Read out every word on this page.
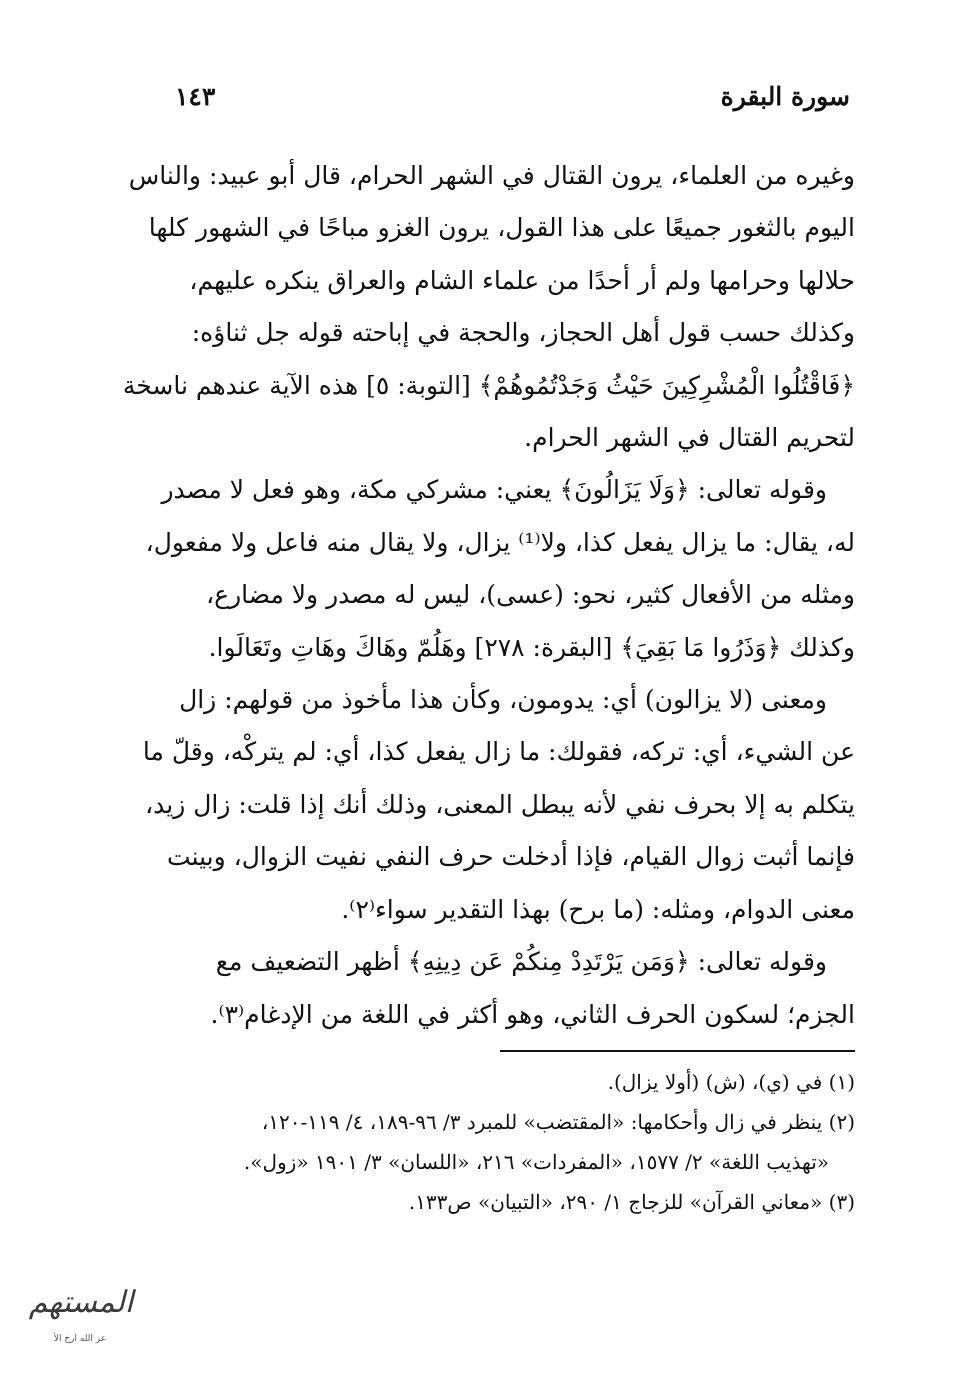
سورة البقرة
١٤٣
وغيره من العلماء، يرون القتال في الشهر الحرام، قال أبو عبيد: والناس
اليوم بالثغور جميعًا على هذا القول، يرون الغزو مباحًا في الشهور كلها
حلالها وحرامها ولم أر أحدًا من علماء الشام والعراق ينكره عليهم،
وكذلك حسب قول أهل الحجاز، والحجة في إباحته قوله جل ثناؤه:
﴿فَاقْتُلُوا الْمُشْرِكِينَ حَيْثُ وَجَدْتُمُوهُمْ﴾ [التوبة: ٥] هذه الآية عندهم ناسخة
لتحريم القتال في الشهر الحرام.
وقوله تعالى: ﴿وَلَا يَزَالُونَ﴾ يعني: مشركي مكة، وهو فعل لا مصدر
له، يقال: ما يزال يفعل كذا، ولا⁽¹⁾ يزال، ولا يقال منه فاعل ولا مفعول،
ومثله من الأفعال كثير، نحو: (عسى)، ليس له مصدر ولا مضارع،
وكذلك ﴿وَذَرُوا مَا بَقِيَ﴾ [البقرة: ٢٧٨] وهَلُمّ وهَاكَ وهَاتِ وتَعَالَوا.
ومعنى (لا يزالون) أي: يدومون، وكأن هذا مأخوذ من قولهم: زال
عن الشيء، أي: تركه، فقولك: ما زال يفعل كذا، أي: لم يتركْه، وقلّ ما
يتكلم به إلا بحرف نفي لأنه يبطل المعنى، وذلك أنك إذا قلت: زال زيد،
فإنما أثبت زوال القيام، فإذا أدخلت حرف النفي نفيت الزوال، وبينت
معنى الدوام، ومثله: (ما برح) بهذا التقدير سواء⁽٢⁾.
وقوله تعالى: ﴿وَمَن يَرْتَدِدْ مِنكُمْ عَن دِينِهِ﴾ أظهر التضعيف مع
الجزم؛ لسكون الحرف الثاني، وهو أكثر في اللغة من الإدغام⁽٣⁾.
(١) في (ي)، (ش) (أولا يزال).
(٢) ينظر في زال وأحكامها: «المقتضب» للمبرد ٣/ ٩٦-١٨٩، ٤/ ١١٩-١٢٠،
«تهذيب اللغة» ٢/ ١٥٧٧، «المفردات» ٢١٦، «اللسان» ٣/ ١٩٠١ «زول».
(٣) «معاني القرآن» للزجاج ١/ ٢٩٠، «التبيان» ص١٣٣.
المستهم
عز الله ارخ الأ
